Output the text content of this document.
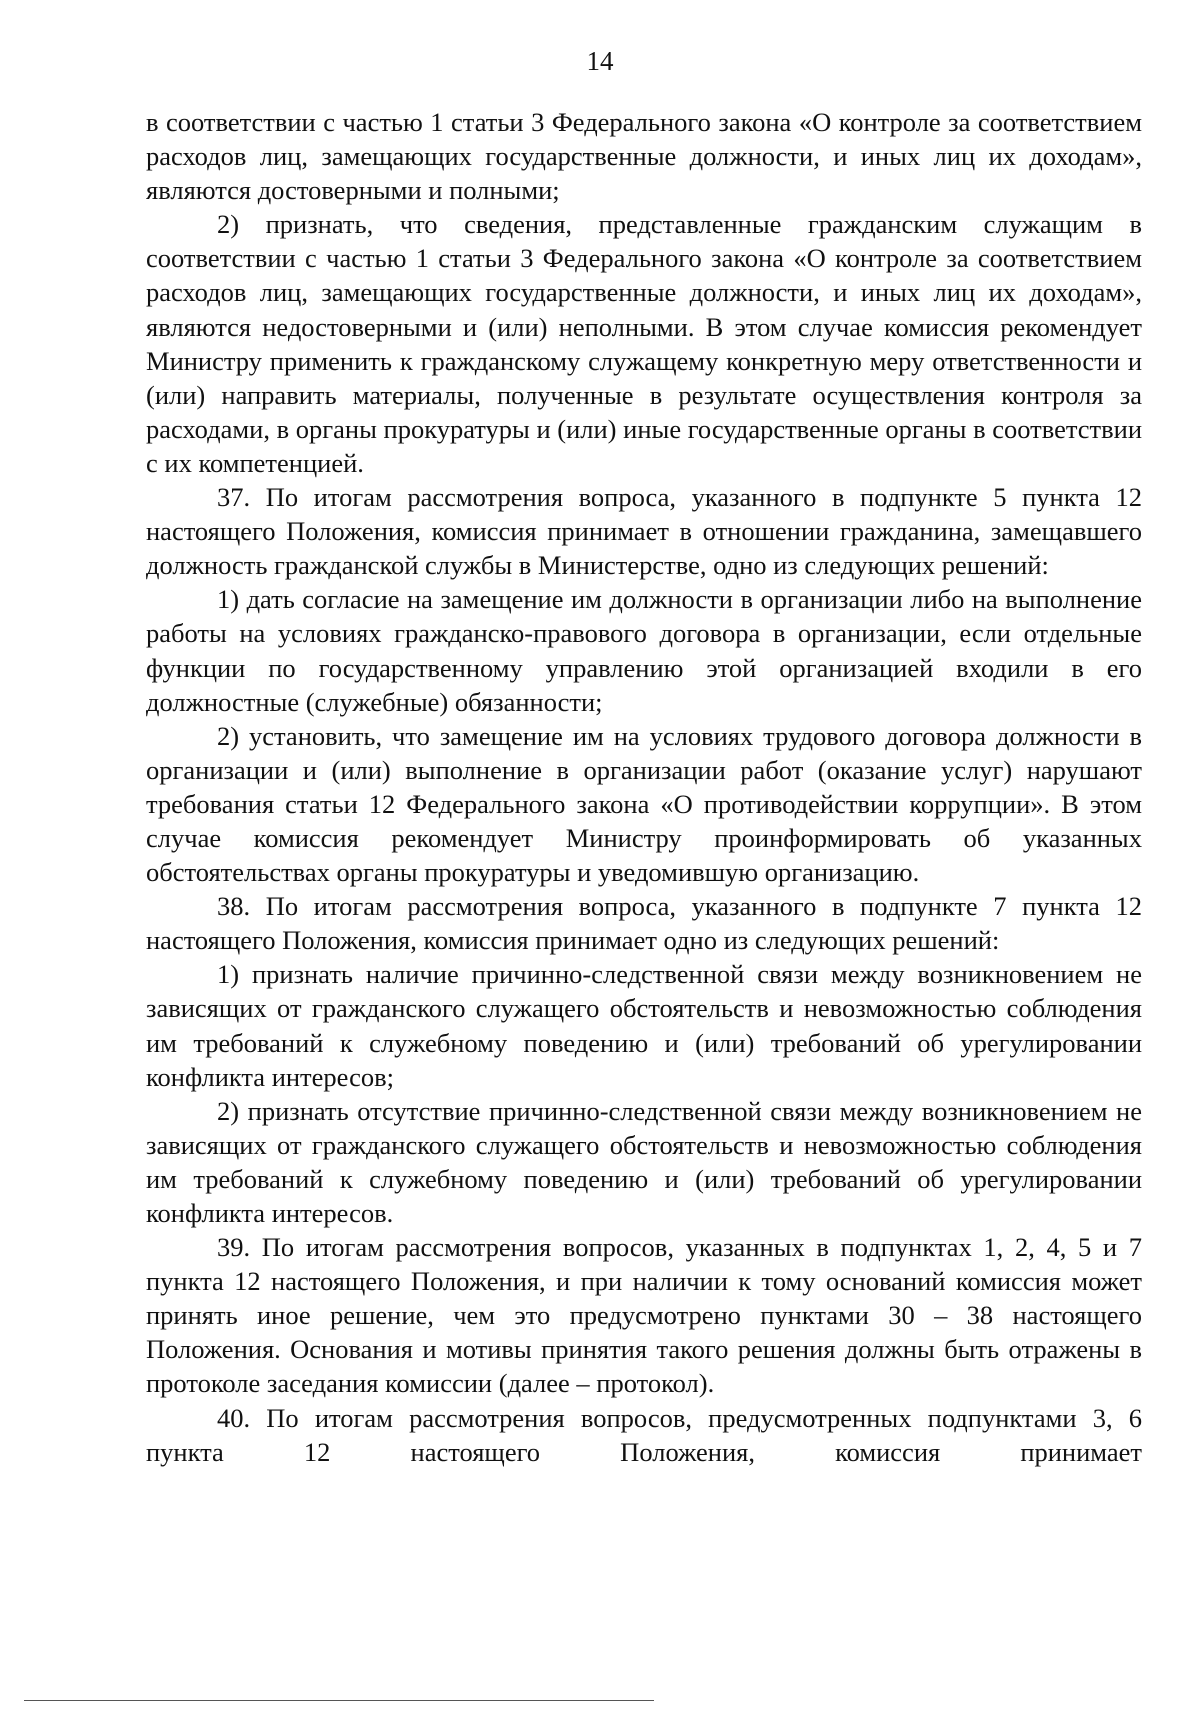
14

в соответствии с частью 1 статьи 3 Федерального закона «О контроле за соответствием расходов лиц, замещающих государственные должности, и иных лиц их доходам», являются достоверными и полными;

2) признать, что сведения, представленные гражданским служащим в соответствии с частью 1 статьи 3 Федерального закона «О контроле за соответствием расходов лиц, замещающих государственные должности, и иных лиц их доходам», являются недостоверными и (или) неполными. В этом случае комиссия рекомендует Министру применить к гражданскому служащему конкретную меру ответственности и (или) направить материалы, полученные в результате осуществления контроля за расходами, в органы прокуратуры и (или) иные государственные органы в соответствии с их компетенцией.

37. По итогам рассмотрения вопроса, указанного в подпункте 5 пункта 12 настоящего Положения, комиссия принимает в отношении гражданина, замещавшего должность гражданской службы в Министерстве, одно из следующих решений:

1) дать согласие на замещение им должности в организации либо на выполнение работы на условиях гражданско-правового договора в организации, если отдельные функции по государственному управлению этой организацией входили в его должностные (служебные) обязанности;

2) установить, что замещение им на условиях трудового договора должности в организации и (или) выполнение в организации работ (оказание услуг) нарушают требования статьи 12 Федерального закона «О противодействии коррупции». В этом случае комиссия рекомендует Министру проинформировать об указанных обстоятельствах органы прокуратуры и уведомившую организацию.

38. По итогам рассмотрения вопроса, указанного в подпункте 7 пункта 12 настоящего Положения, комиссия принимает одно из следующих решений:

1) признать наличие причинно-следственной связи между возникновением не зависящих от гражданского служащего обстоятельств и невозможностью соблюдения им требований к служебному поведению и (или) требований об урегулировании конфликта интересов;

2) признать отсутствие причинно-следственной связи между возникновением не зависящих от гражданского служащего обстоятельств и невозможностью соблюдения им требований к служебному поведению и (или) требований об урегулировании конфликта интересов.

39. По итогам рассмотрения вопросов, указанных в подпунктах 1, 2, 4, 5 и 7 пункта 12 настоящего Положения, и при наличии к тому оснований комиссия может принять иное решение, чем это предусмотрено пунктами 30 – 38 настоящего Положения. Основания и мотивы принятия такого решения должны быть отражены в протоколе заседания комиссии (далее – протокол).

40. По итогам рассмотрения вопросов, предусмотренных подпунктами 3, 6 пункта 12 настоящего Положения, комиссия принимает
